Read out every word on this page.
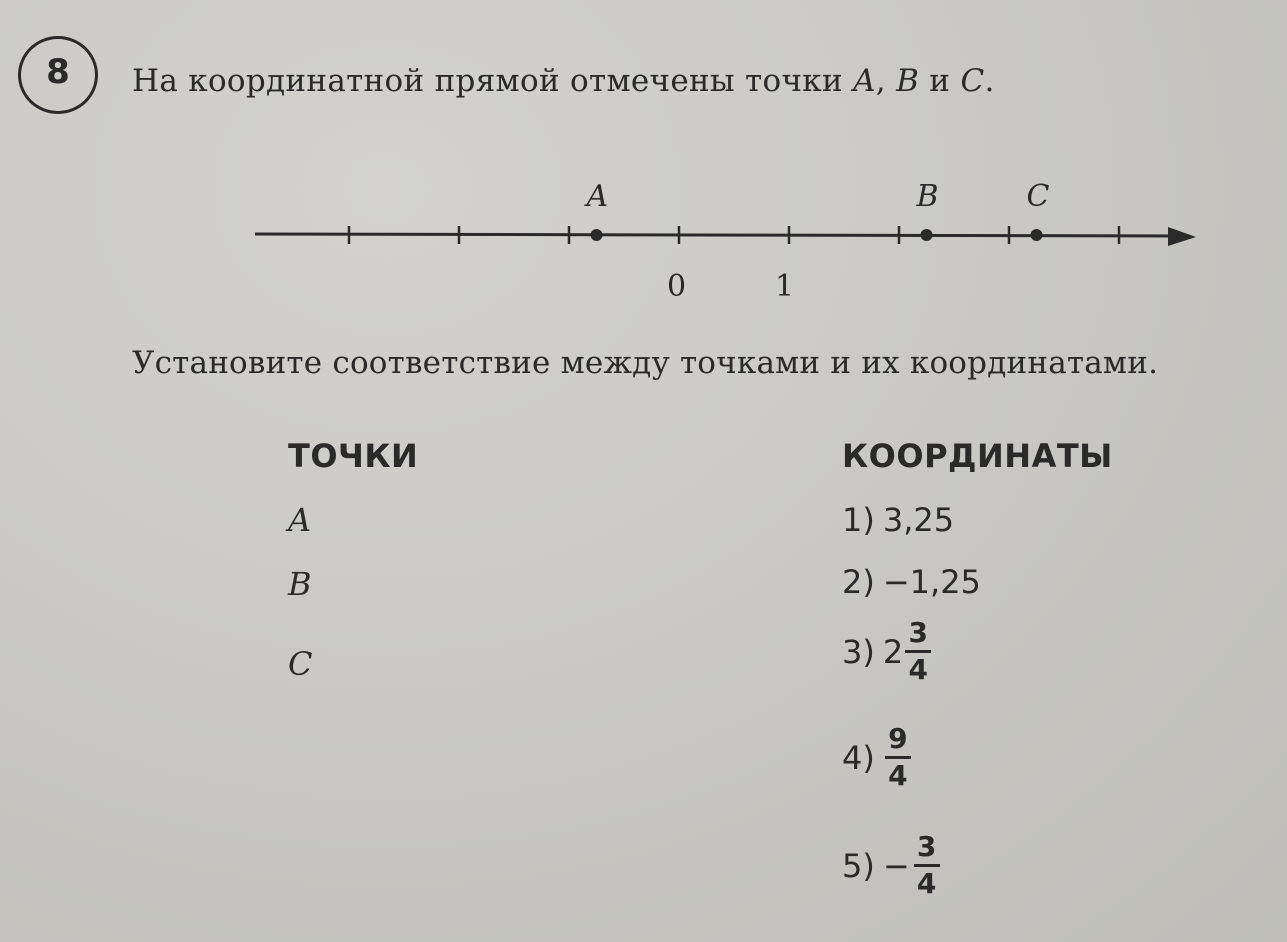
8	На координатной прямой отмечены точки A, B и C.
A	B	C
0	1
Установите соответствие между точками и их координатами.
ТОЧКИ	КООРДИНАТЫ
A
B
C
1) 3,25
2) −1,25
3) $2 \frac{3}{4}$
$4) \frac{9}{4}$
$5) - \frac{3}{4}$
